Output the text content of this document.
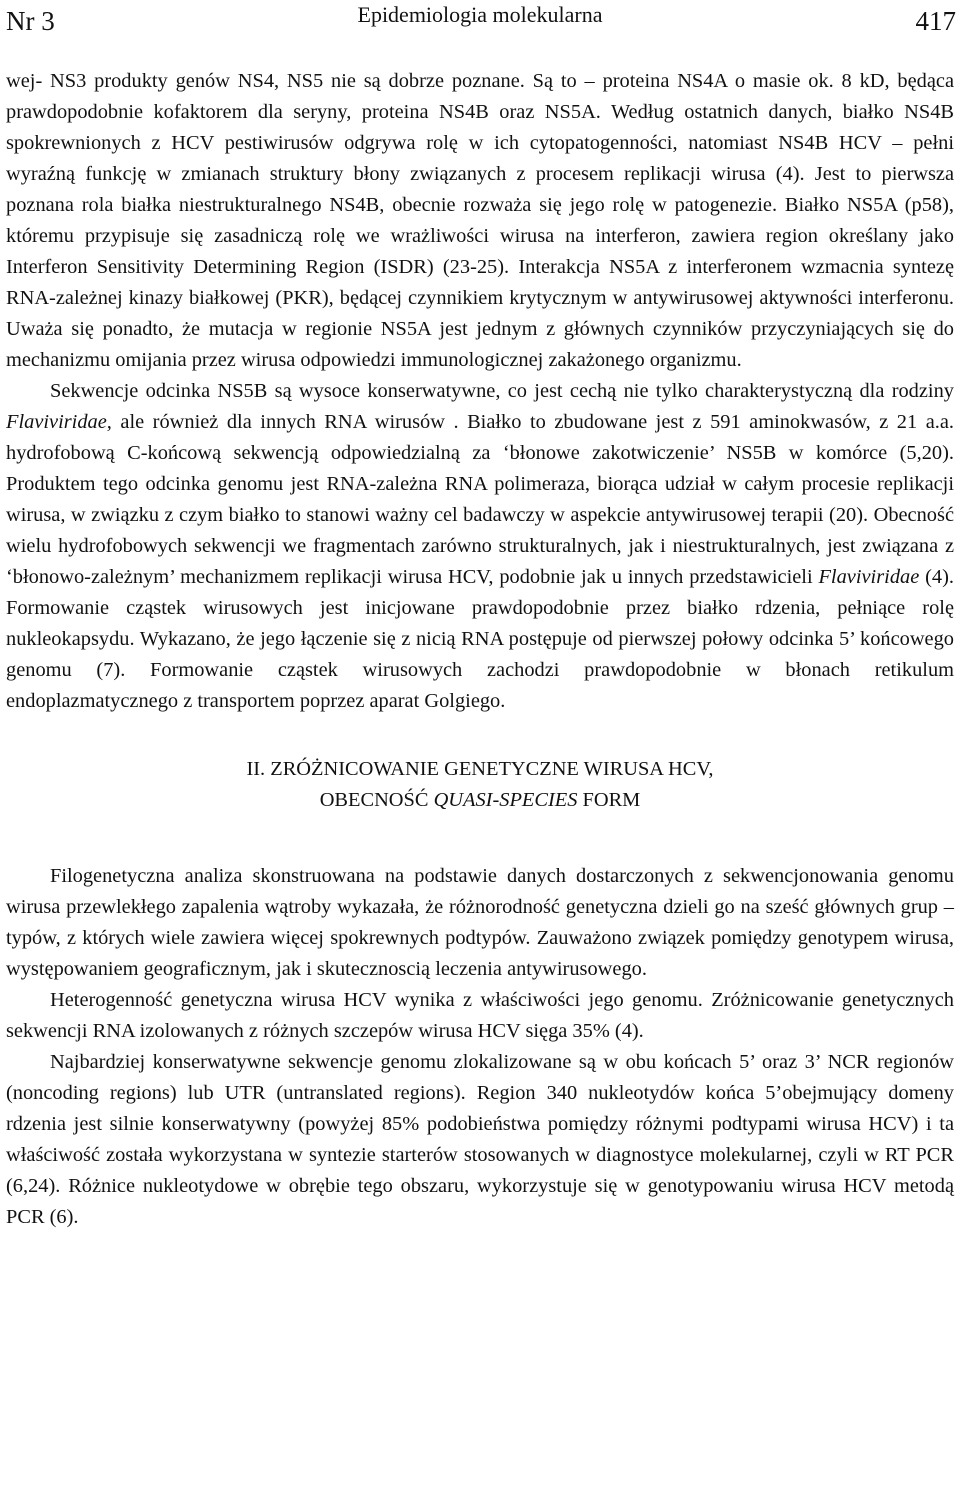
Nr 3	Epidemiologia molekularna	417

wej- NS3 produkty genów NS4, NS5 nie są dobrze poznane. Są to – proteina NS4A o masie ok. 8 kD, będąca prawdopodobnie kofaktorem dla seryny, proteina NS4B oraz NS5A. Według ostatnich danych, białko NS4B spokrewnionych z HCV pestiwirusów odgrywa rolę w ich cytopatogenności, natomiast NS4B HCV – pełni wyraźną funkcję w zmianach struktury błony związanych z procesem replikacji wirusa (4). Jest to pierwsza poznana rola białka niestrukturalnego NS4B, obecnie rozważa się jego rolę w patogenezie. Białko NS5A (p58), któremu przypisuje się zasadniczą rolę we wrażliwości wirusa na interferon, zawiera region określany jako Interferon Sensitivity Determining Region (ISDR) (23-25). Interakcja NS5A z interferonem wzmacnia syntezę RNA-zależnej kinazy białkowej (PKR), będącej czynnikiem krytycznym w antywirusowej aktywności interferonu. Uważa się ponadto, że mutacja w regionie NS5A jest jednym z głównych czynników przyczyniających się do mechanizmu omijania przez wirusa odpowiedzi immunologicznej zakażonego organizmu.

Sekwencje odcinka NS5B są wysoce konserwatywne, co jest cechą nie tylko charakterystyczną dla rodziny Flaviviridae, ale również dla innych RNA wirusów . Białko to zbudowane jest z 591 aminokwasów, z 21 a.a. hydrofobową C-końcową sekwencją odpowiedzialną za ‘błonowe zakotwiczenie’ NS5B w komórce (5,20). Produktem tego odcinka genomu jest RNA-zależna RNA polimeraza, biorąca udział w całym procesie replikacji wirusa, w związku z czym białko to stanowi ważny cel badawczy w aspekcie antywirusowej terapii (20). Obecność wielu hydrofobowych sekwencji we fragmentach zarówno strukturalnych, jak i niestrukturalnych, jest związana z ‘błonowo-zależnym’ mechanizmem replikacji wirusa HCV, podobnie jak u innych przedstawicieli Flaviviridae (4). Formowanie cząstek wirusowych jest inicjowane prawdopodobnie przez białko rdzenia, pełniące rolę nukleokapsydu. Wykazano, że jego łączenie się z nicią RNA postępuje od pierwszej połowy odcinka 5’ końcowego genomu (7). Formowanie cząstek wirusowych zachodzi prawdopodobnie w błonach retikulum endoplazmatycznego z transportem poprzez aparat Golgiego.

II. ZRÓŻNICOWANIE GENETYCZNE WIRUSA HCV,
OBECNOŚĆ QUASI-SPECIES FORM

Filogenetyczna analiza skonstruowana na podstawie danych dostarczonych z sekwencjonowania genomu wirusa przewlekłego zapalenia wątroby wykazała, że różnorodność genetyczna dzieli go na sześć głównych grup – typów, z których wiele zawiera więcej spokrewnych podtypów. Zauważono związek pomiędzy genotypem wirusa, występowaniem geograficznym, jak i skutecznoscią leczenia antywirusowego.

Heterogenność genetyczna wirusa HCV wynika z właściwości jego genomu. Zróżnicowanie genetycznych sekwencji RNA izolowanych z różnych szczepów wirusa HCV sięga 35% (4).

Najbardziej konserwatywne sekwencje genomu zlokalizowane są w obu końcach 5’ oraz 3’ NCR regionów (noncoding regions) lub UTR (untranslated regions). Region 340 nukleotydów końca 5’obejmujący domeny rdzenia jest silnie konserwatywny (powyżej 85% podobieństwa pomiędzy różnymi podtypami wirusa HCV) i ta właściwość została wykorzystana w syntezie starterów stosowanych w diagnostyce molekularnej, czyli w RT PCR (6,24). Różnice nukleotydowe w obrębie tego obszaru, wykorzystuje się w genotypowaniu wirusa HCV metodą PCR (6).
